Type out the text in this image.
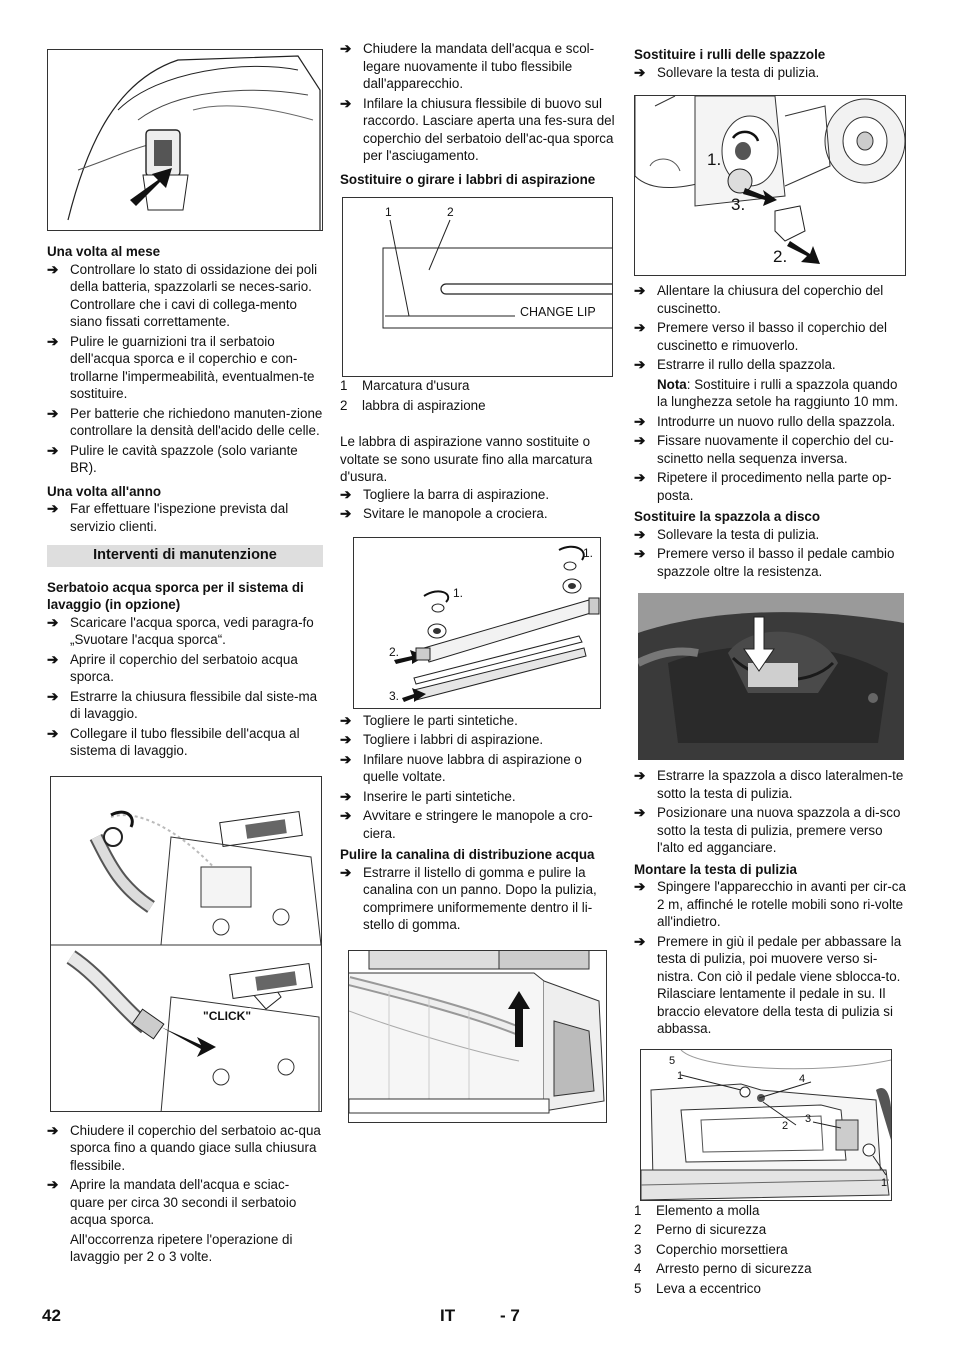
Una volta al mese
➔ Controllare lo stato di ossidazione dei poli della batteria, spazzolarli se neces-sario. Controllare che i cavi di collega-mento siano fissati correttamente.
➔ Pulire le guarnizioni tra il serbatoio dell'acqua sporca e il coperchio e con-trollarne l'impermeabilità, eventualmen-te sostituire.
➔ Per batterie che richiedono manuten-zione controllare la densità dell'acido delle celle.
➔ Pulire le cavità spazzole (solo variante BR).
Una volta all'anno
➔ Far effettuare l'ispezione prevista dal servizio clienti.
Interventi di manutenzione
Serbatoio acqua sporca per il sistema di lavaggio (in opzione)
➔ Scaricare l'acqua sporca, vedi paragra-fo „Svuotare l'acqua sporca“.
➔ Aprire il coperchio del serbatoio acqua sporca.
➔ Estrarre la chiusura flessibile dal siste-ma di lavaggio.
➔ Collegare il tubo flessibile dell'acqua al sistema di lavaggio.
"CLICK"
➔ Chiudere il coperchio del serbatoio ac-qua sporca fino a quando giace sulla chiusura flessibile.
➔ Aprire la mandata dell'acqua e sciac-quare per circa 30 secondi il serbatoio acqua sporca.

All'occorrenza ripetere l'operazione di lavaggio per 2 o 3 volte.

➔ Chiudere la mandata dell'acqua e scol-legare nuovamente il tubo flessibile dall'apparecchio.
➔ Infilare la chiusura flessibile di buovo sul raccordo. Lasciare aperta una fes-sura del coperchio del serbatoio dell'ac-qua sporca per l'asciugamento.
Sostituire o girare i labbri di aspirazione
1	2
CHANGE LIP
1	Marcatura d'usura
2	labbra di aspirazione

Le labbra di aspirazione vanno sostituite o voltate se sono usurate fino alla marcatura d'usura.

➔ Togliere la barra di aspirazione.
➔ Svitare le manopole a crociera.
1.
1.
2.
3.
➔ Togliere le parti sintetiche.
➔ Togliere i labbri di aspirazione.
➔ Infilare nuove labbra di aspirazione o quelle voltate.
➔ Inserire le parti sintetiche.
➔ Avvitare e stringere le manopole a cro-ciera.
Pulire la canalina di distribuzione acqua
➔ Estrarre il listello di gomma e pulire la canalina con un panno. Dopo la pulizia, comprimere uniformemente dentro il li-stello di gomma.
Sostituire i rulli delle spazzole
➔ Sollevare la testa di pulizia.
1.
3.
2.
➔ Allentare la chiusura del coperchio del cuscinetto.
➔ Premere verso il basso il coperchio del cuscinetto e rimuoverlo.
➔ Estrarre il rullo della spazzola.

Nota: Sostituire i rulli a spazzola quando la lunghezza setole ha raggiunto 10 mm.

➔ Introdurre un nuovo rullo della spazzola.
➔ Fissare nuovamente il coperchio del cu-scinetto nella sequenza inversa.
➔ Ripetere il procedimento nella parte op-posta.
Sostituire la spazzola a disco
➔ Sollevare la testa di pulizia.
➔ Premere verso il basso il pedale cambio spazzole oltre la resistenza.
➔ Estrarre la spazzola a disco lateralmen-te sotto la testa di pulizia.
➔ Posizionare una nuova spazzola a di-sco sotto la testa di pulizia, premere verso l'alto ed agganciare.
Montare la testa di pulizia
➔ Spingere l'apparecchio in avanti per cir-ca 2 m, affinché le rotelle mobili sono ri-volte all'indietro.
➔ Premere in giù il pedale per abbassare la testa di pulizia, poi muovere verso si-nistra. Con ciò il pedale viene sblocca-to. Rilasciare lentamente il pedale in su. Il braccio elevatore della testa di pulizia si abbassa.
5
1	4
2
3
1
1	Elemento a molla
2	Perno di sicurezza
3	Coperchio morsettiera
4	Arresto perno di sicurezza
5	Leva a eccentrico
42	IT	- 7
